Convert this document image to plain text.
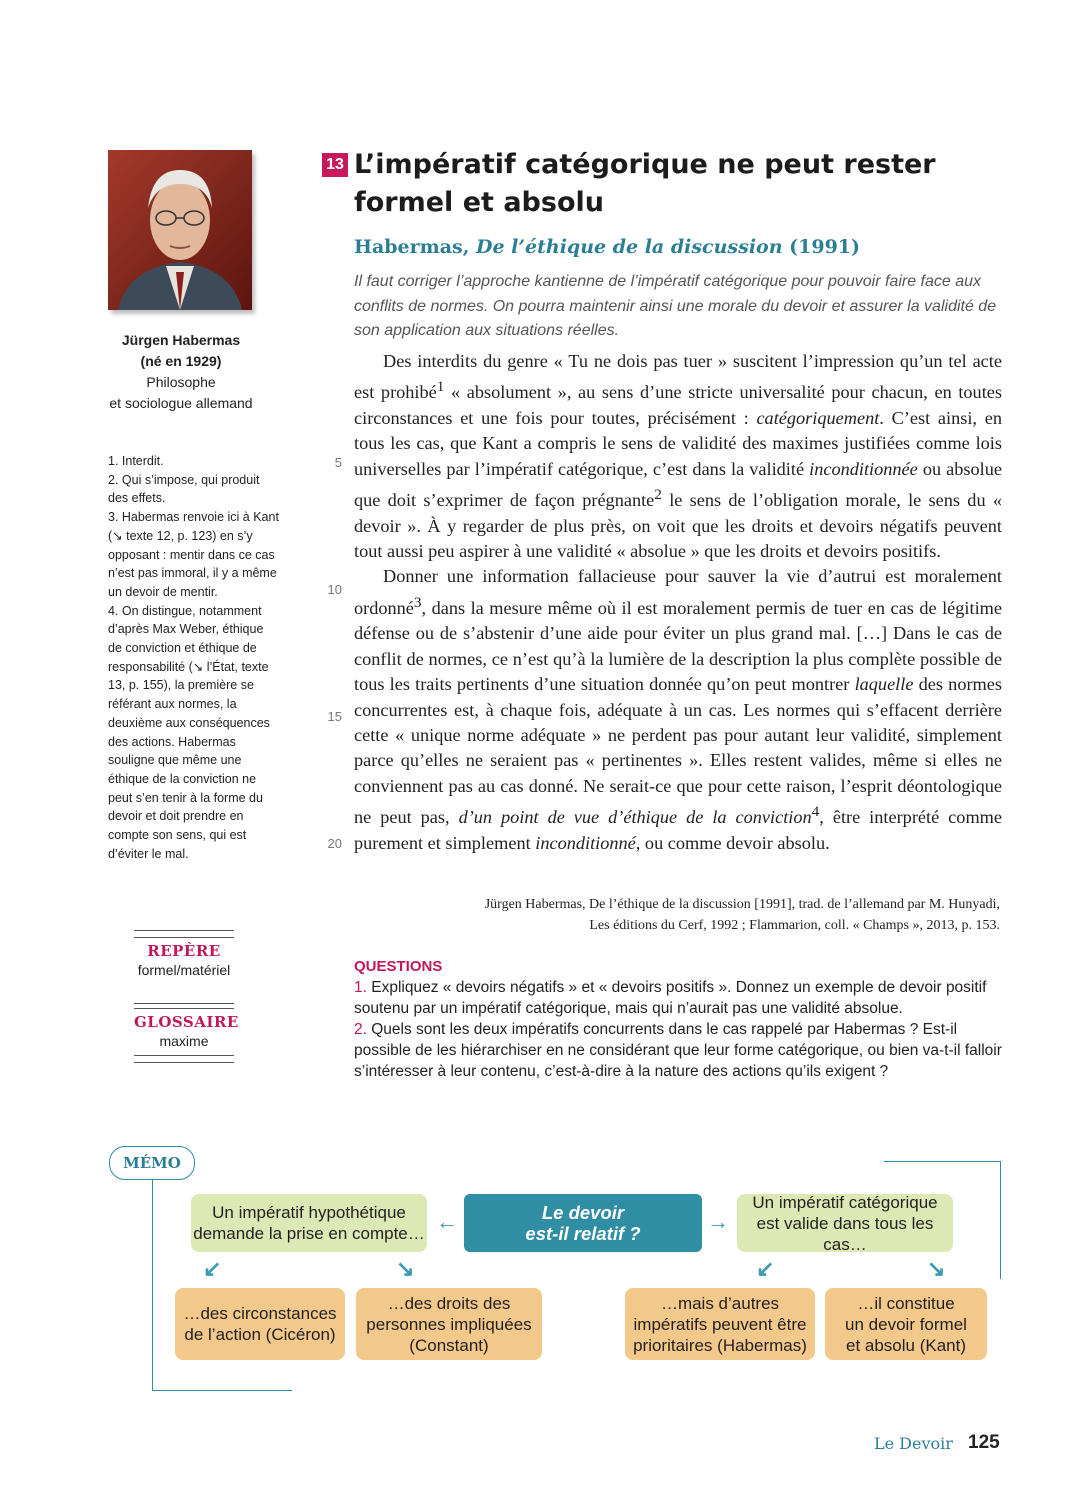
Jürgen Habermas
(né en 1929)
Philosophe
et sociologue allemand

1. Interdit.

2. Qui s’impose, qui produit des effets.

3. Habermas renvoie ici à Kant (↘ texte 12, p. 123) en s’y opposant : mentir dans ce cas n’est pas immoral, il y a même un devoir de mentir.

4. On distingue, notamment d’après Max Weber, éthique de conviction et éthique de responsabilité (↘ l’État, texte 13, p. 155), la première se référant aux normes, la deuxième aux conséquences des actions. Habermas souligne que même une éthique de la conviction ne peut s’en tenir à la forme du devoir et doit prendre en compte son sens, qui est d’éviter le mal.

REPÈRE
formel/matériel
GLOSSAIRE
maxime
13 L’impératif catégorique ne peut rester formel et absolu
Habermas, De l’éthique de la discussion (1991)
Il faut corriger l’approche kantienne de l’impératif catégorique pour pouvoir faire face aux conflits de normes. On pourra maintenir ainsi une morale du devoir et assurer la validité de son application aux situations réelles.
5
10
15
20

Des interdits du genre « Tu ne dois pas tuer » suscitent l’impression qu’un tel acte est prohibé$^1$ « absolument », au sens d’une stricte universalité pour chacun, en toutes circonstances et une fois pour toutes, précisément : catégoriquement. C’est ainsi, en tous les cas, que Kant a compris le sens de validité des maximes justifiées comme lois universelles par l’impératif catégorique, c’est dans la validité inconditionnée ou absolue que doit s’exprimer de façon prégnante$^2$ le sens de l’obligation morale, le sens du « devoir ». À y regarder de plus près, on voit que les droits et devoirs négatifs peuvent tout aussi peu aspirer à une validité « absolue » que les droits et devoirs positifs.

Donner une information fallacieuse pour sauver la vie d’autrui est moralement ordonné$^3$, dans la mesure même où il est moralement permis de tuer en cas de légitime défense ou de s’abstenir d’une aide pour éviter un plus grand mal. […] Dans le cas de conflit de normes, ce n’est qu’à la lumière de la description la plus complète possible de tous les traits pertinents d’une situation donnée qu’on peut montrer laquelle des normes concurrentes est, à chaque fois, adéquate à un cas. Les normes qui s’effacent derrière cette « unique norme adéquate » ne perdent pas pour autant leur validité, simplement parce qu’elles ne seraient pas « pertinentes ». Elles restent valides, même si elles ne conviennent pas au cas donné. Ne serait-ce que pour cette raison, l’esprit déontologique ne peut pas, d’un point de vue d’éthique de la conviction$^4$, être interprété comme purement et simplement inconditionné, ou comme devoir absolu.

Jürgen Habermas, De l’éthique de la discussion [1991], trad. de l’allemand par M. Hunyadi,
Les éditions du Cerf, 1992 ; Flammarion, coll. « Champs », 2013, p. 153.
QUESTIONS
1. Expliquez « devoirs négatifs » et « devoirs positifs ». Donnez un exemple de devoir positif soutenu par un impératif catégorique, mais qui n’aurait pas une validité absolue.
2. Quels sont les deux impératifs concurrents dans le cas rappelé par Habermas ? Est-il possible de les hiérarchiser en ne considérant que leur forme catégorique, ou bien va-t-il falloir s’intéresser à leur contenu, c’est-à-dire à la nature des actions qu’ils exigent ?
MÉMO
Le devoir
est-il relatif ?
Un impératif hypothétique
demande la prise en compte…
Un impératif catégorique
est valide dans tous les cas…
←	→
↙	↘	↙	↘
…des circonstances
de l’action (Cicéron)
…des droits des
personnes impliquées
(Constant)
…mais d’autres
impératifs peuvent être
prioritaires (Habermas)
…il constitue
un devoir formel
et absolu (Kant)
Le Devoir 125
